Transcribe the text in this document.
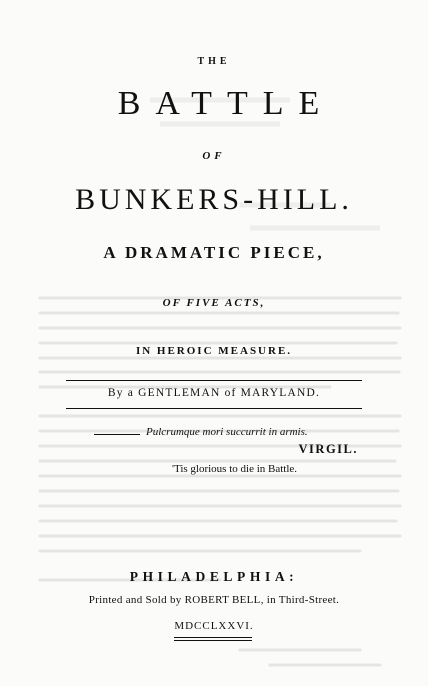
THE
BATTLE
OF
BUNKERS-HILL.
A DRAMATIC PIECE,
OF FIVE ACTS,
IN HEROIC MEASURE.
By a GENTLEMAN of MARYLAND.
Pulcrumque mori succurrit in armis.
VIRGIL.
'Tis glorious to die in Battle.
PHILADELPHIA:
Printed and Sold by ROBERT BELL, in Third-Street.
MDCCLXXVI.
